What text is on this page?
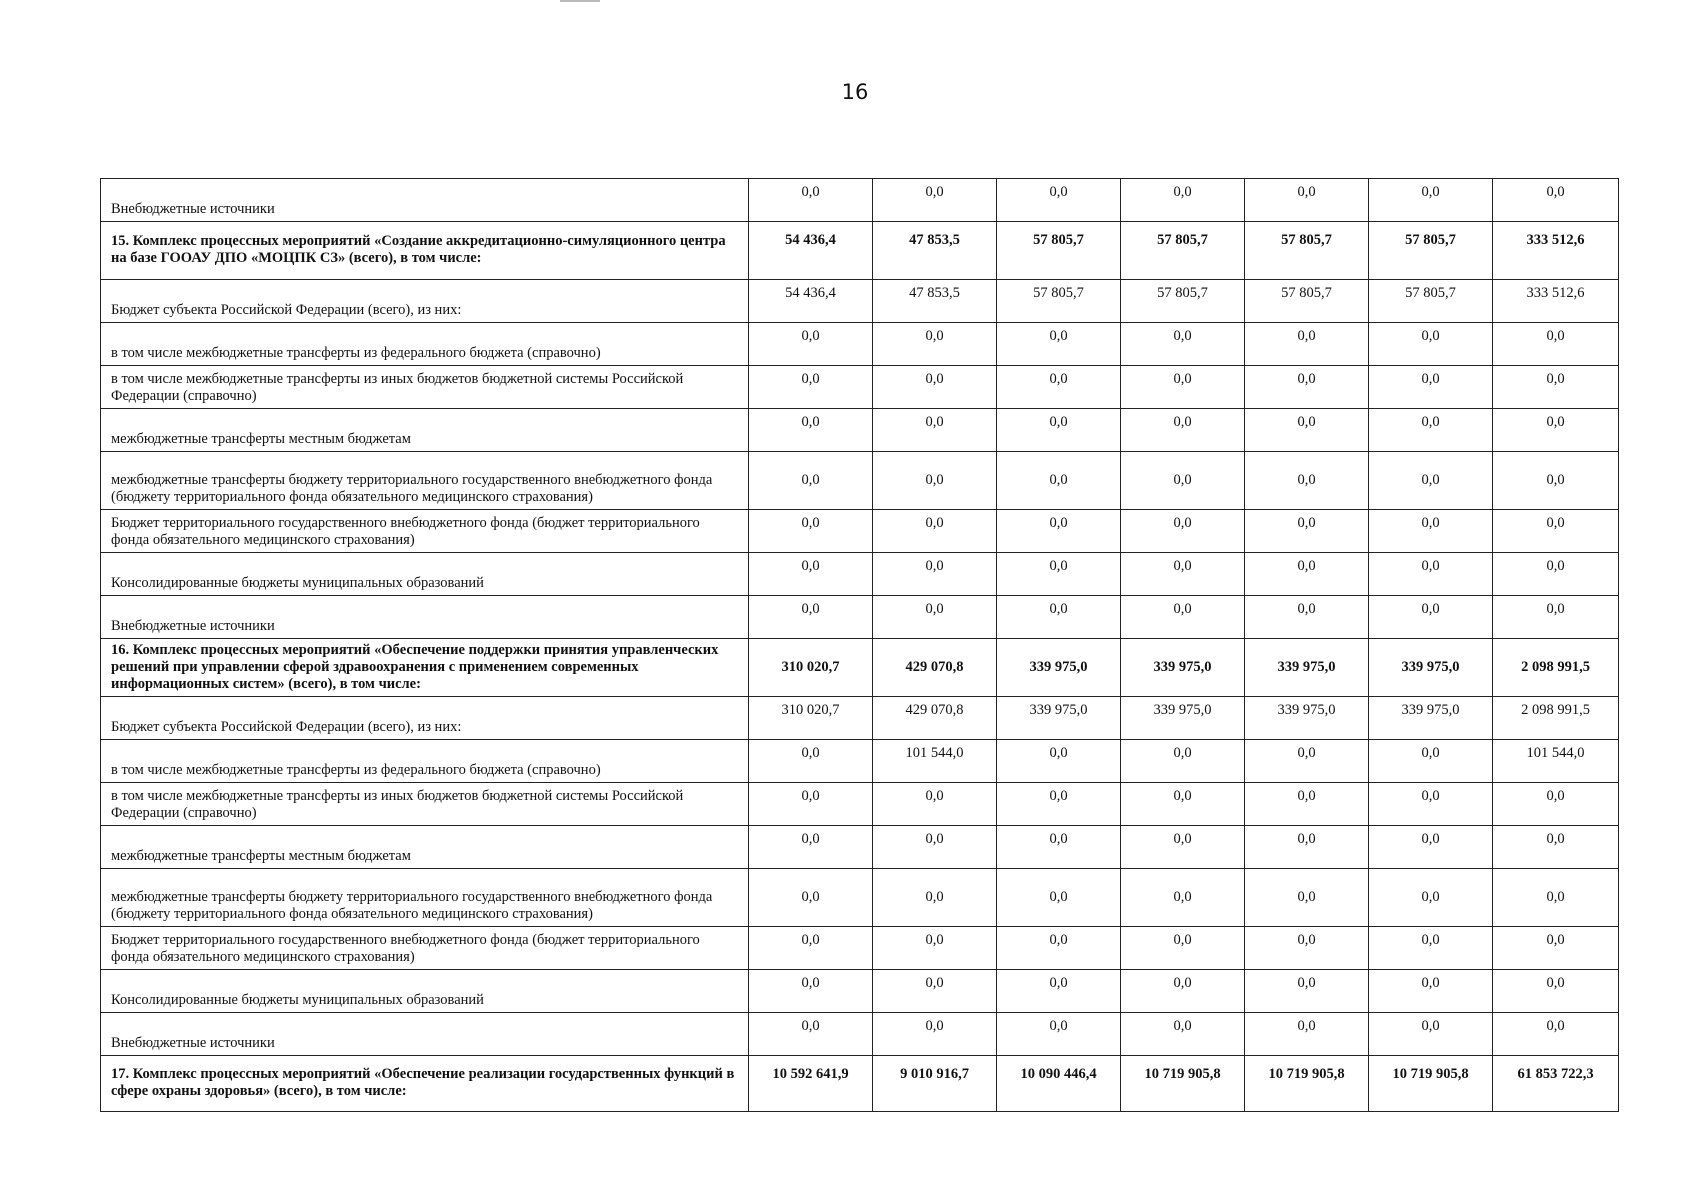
16
Внебюджетные источники	0,0	0,0	0,0	0,0	0,0	0,0	0,0
15. Комплекс процессных мероприятий «Создание аккредитационно-симуляционного центра на базе ГООАУ ДПО «МОЦПК СЗ» (всего), в том числе:	54 436,4	47 853,5	57 805,7	57 805,7	57 805,7	57 805,7	333 512,6
Бюджет субъекта Российской Федерации (всего), из них:	54 436,4	47 853,5	57 805,7	57 805,7	57 805,7	57 805,7	333 512,6
в том числе межбюджетные трансферты из федерального бюджета (справочно)	0,0	0,0	0,0	0,0	0,0	0,0	0,0
в том числе межбюджетные трансферты из иных бюджетов бюджетной системы Российской Федерации (справочно)	0,0	0,0	0,0	0,0	0,0	0,0	0,0
межбюджетные трансферты местным бюджетам	0,0	0,0	0,0	0,0	0,0	0,0	0,0
межбюджетные трансферты бюджету территориального государственного внебюджетного фонда (бюджету территориального фонда обязательного медицинского страхования)	0,0	0,0	0,0	0,0	0,0	0,0	0,0
Бюджет территориального государственного внебюджетного фонда (бюджет территориального фонда обязательного медицинского страхования)	0,0	0,0	0,0	0,0	0,0	0,0	0,0
Консолидированные бюджеты муниципальных образований	0,0	0,0	0,0	0,0	0,0	0,0	0,0
Внебюджетные источники	0,0	0,0	0,0	0,0	0,0	0,0	0,0
16. Комплекс процессных мероприятий «Обеспечение поддержки принятия управленческих решений при управлении сферой здравоохранения с применением современных информационных систем» (всего), в том числе:	310 020,7	429 070,8	339 975,0	339 975,0	339 975,0	339 975,0	2 098 991,5
Бюджет субъекта Российской Федерации (всего), из них:	310 020,7	429 070,8	339 975,0	339 975,0	339 975,0	339 975,0	2 098 991,5
в том числе межбюджетные трансферты из федерального бюджета (справочно)	0,0	101 544,0	0,0	0,0	0,0	0,0	101 544,0
в том числе межбюджетные трансферты из иных бюджетов бюджетной системы Российской Федерации (справочно)	0,0	0,0	0,0	0,0	0,0	0,0	0,0
межбюджетные трансферты местным бюджетам	0,0	0,0	0,0	0,0	0,0	0,0	0,0
межбюджетные трансферты бюджету территориального государственного внебюджетного фонда (бюджету территориального фонда обязательного медицинского страхования)	0,0	0,0	0,0	0,0	0,0	0,0	0,0
Бюджет территориального государственного внебюджетного фонда (бюджет территориального фонда обязательного медицинского страхования)	0,0	0,0	0,0	0,0	0,0	0,0	0,0
Консолидированные бюджеты муниципальных образований	0,0	0,0	0,0	0,0	0,0	0,0	0,0
Внебюджетные источники	0,0	0,0	0,0	0,0	0,0	0,0	0,0
17. Комплекс процессных мероприятий «Обеспечение реализации государственных функций в сфере охраны здоровья» (всего), в том числе:	10 592 641,9	9 010 916,7	10 090 446,4	10 719 905,8	10 719 905,8	10 719 905,8	61 853 722,3
